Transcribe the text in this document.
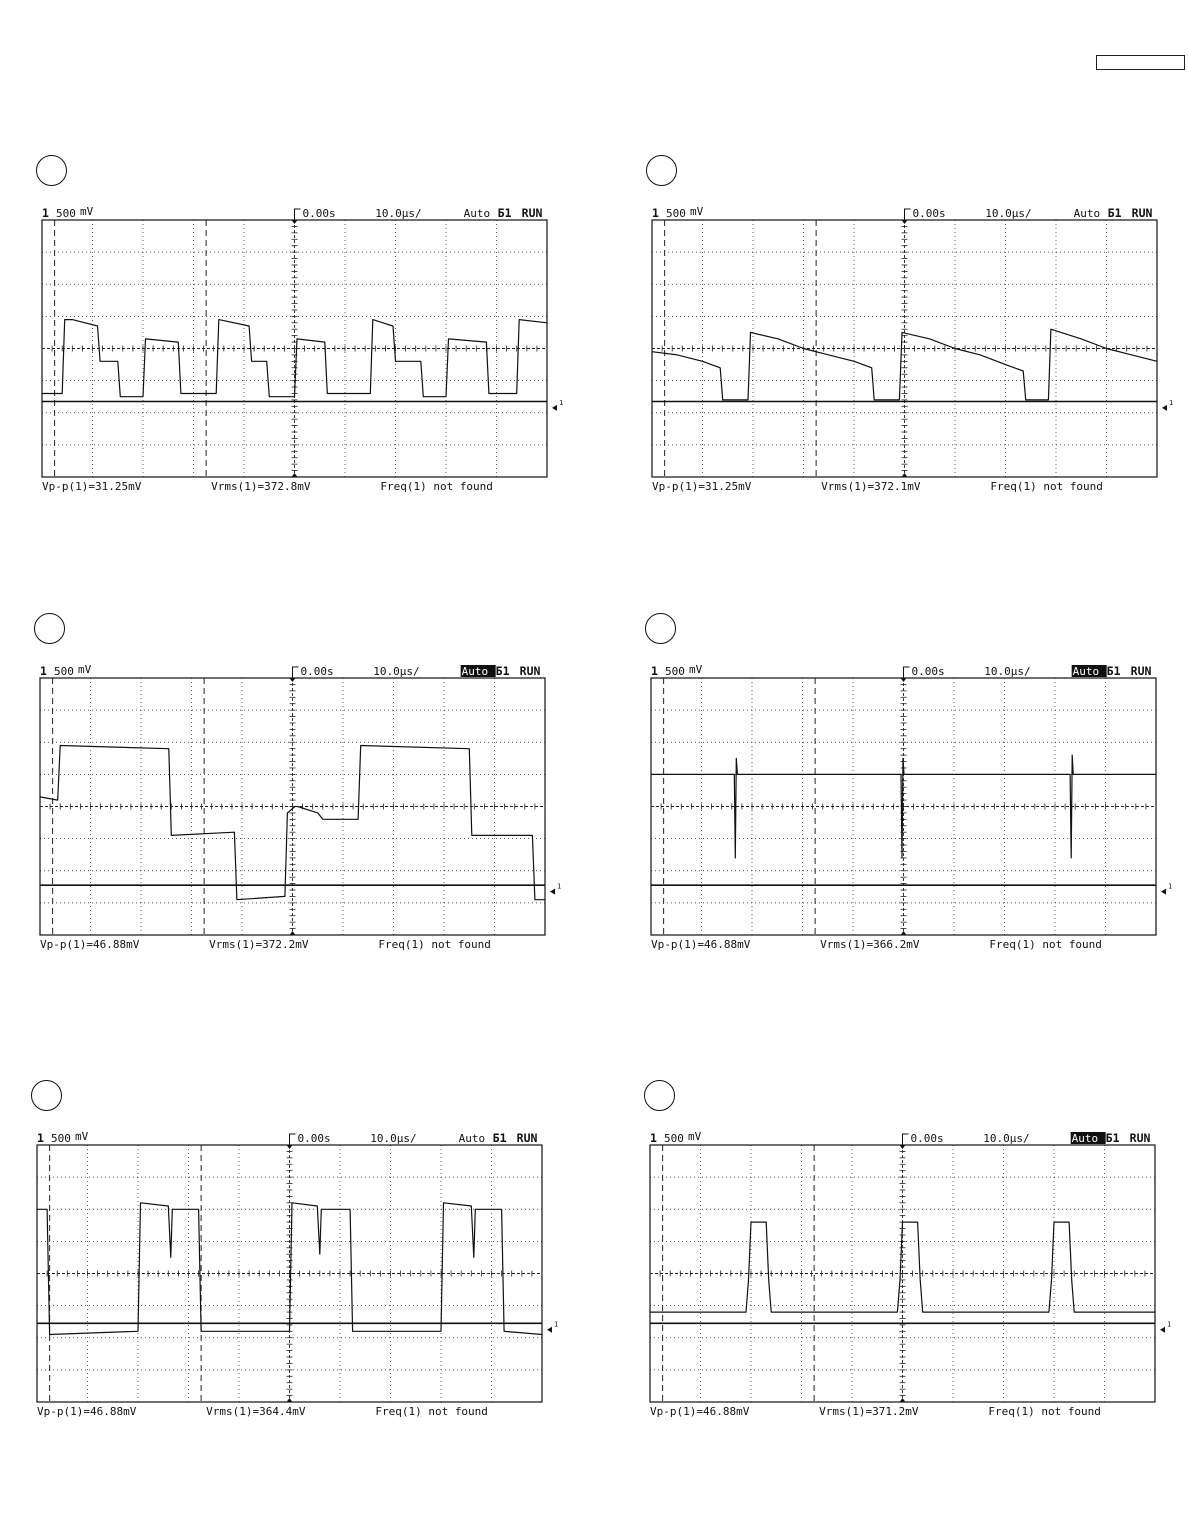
1 500 mV	0.00s	10.0µs/	Auto Ƃ1 RUN
1
Vp-p(1)=31.25mV	Vrms(1)=372.8mV	Freq(1) not found
1 500 mV	0.00s	10.0µs/	Auto Ƃ1 RUN
1
Vp-p(1)=31.25mV	Vrms(1)=372.1mV	Freq(1) not found
1 500 mV	0.00s	10.0µs/	Auto Ƃ1 RUN
1
Vp-p(1)=46.88mV	Vrms(1)=372.2mV	Freq(1) not found
1 500 mV	0.00s	10.0µs/	Auto Ƃ1 RUN
1
Vp-p(1)=46.88mV	Vrms(1)=366.2mV	Freq(1) not found
1 500 mV	0.00s	10.0µs/	Auto Ƃ1 RUN
1
Vp-p(1)=46.88mV	Vrms(1)=364.4mV	Freq(1) not found
1 500 mV	0.00s	10.0µs/	Auto Ƃ1 RUN
1
Vp-p(1)=46.88mV	Vrms(1)=371.2mV	Freq(1) not found
